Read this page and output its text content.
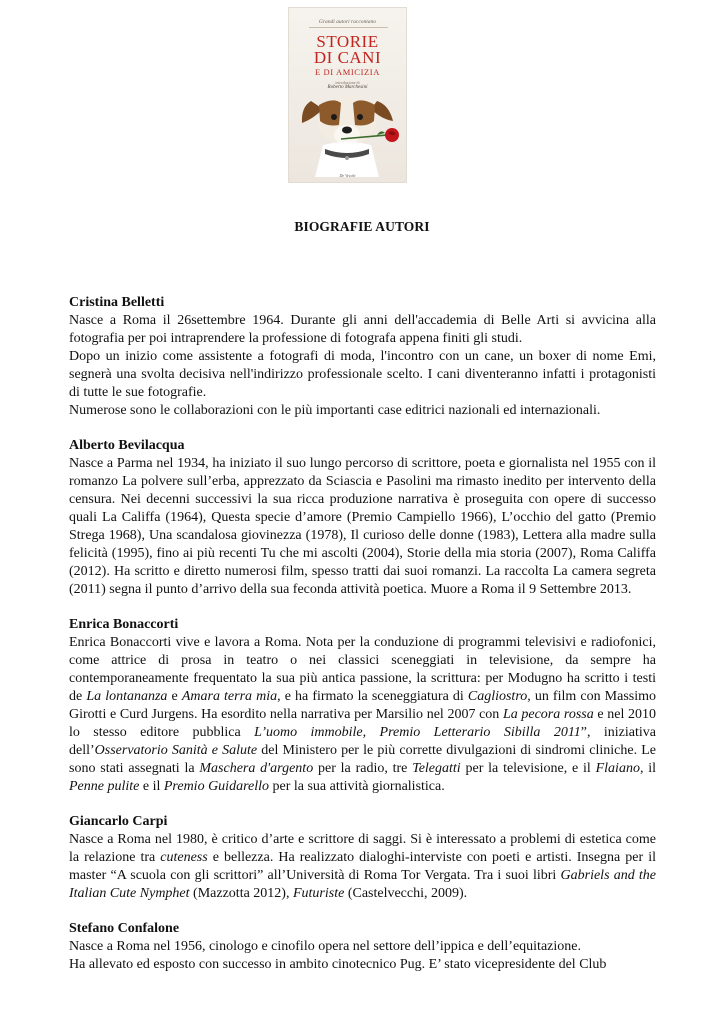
Grandi autori raccontano
STORIE
DI CANI
E DI AMICIZIA
introduzione di
Roberto Marchesini
De Vecchi
BIOGRAFIE AUTORI
Cristina Belletti

Nasce a Roma il 26settembre 1964. Durante gli anni dell'accademia di Belle Arti si avvicina alla fotografia per poi intraprendere la professione di fotografa appena finiti gli studi.

Dopo un inizio come assistente a fotografi di moda, l'incontro con un cane, un boxer di nome Emi, segnerà una svolta decisiva nell'indirizzo professionale scelto. I cani diventeranno infatti i protagonisti di tutte le sue fotografie.

Numerose sono le collaborazioni con le più importanti case editrici nazionali ed internazionali.

Alberto Bevilacqua

Nasce a Parma nel 1934, ha iniziato il suo lungo percorso di scrittore, poeta e giornalista nel 1955 con il romanzo La polvere sull’erba, apprezzato da Sciascia e Pasolini ma rimasto inedito per intervento della censura. Nei decenni successivi la sua ricca produzione narrativa è proseguita con opere di successo quali La Califfa (1964), Questa specie d’amore (Premio Campiello 1966), L’occhio del gatto (Premio Strega 1968), Una scandalosa giovinezza (1978), Il curioso delle donne (1983), Lettera alla madre sulla felicità (1995), fino ai più recenti Tu che mi ascolti (2004), Storie della mia storia (2007), Roma Califfa (2012). Ha scritto e diretto numerosi film, spesso tratti dai suoi romanzi. La raccolta La camera segreta (2011) segna il punto d’arrivo della sua feconda attività poetica. Muore a Roma il 9 Settembre 2013.

Enrica Bonaccorti

Enrica Bonaccorti vive e lavora a Roma. Nota per la conduzione di programmi televisivi e radiofonici, come attrice di prosa in teatro o nei classici sceneggiati in televisione, da sempre ha contemporaneamente frequentato la sua più antica passione, la scrittura: per Modugno ha scritto i testi de La lontananza e Amara terra mia, e ha firmato la sceneggiatura di Cagliostro, un film con Massimo Girotti e Curd Jurgens. Ha esordito nella narrativa per Marsilio nel 2007 con La pecora rossa e nel 2010 lo stesso editore pubblica L’uomo immobile, Premio Letterario Sibilla 2011”, iniziativa dell’Osservatorio Sanità e Salute del Ministero per le più corrette divulgazioni di sindromi cliniche. Le sono stati assegnati la Maschera d'argento per la radio, tre Telegatti per la televisione, e il Flaiano, il Penne pulite e il Premio Guidarello per la sua attività giornalistica.

Giancarlo Carpi

Nasce a Roma nel 1980, è critico d’arte e scrittore di saggi. Si è interessato a problemi di estetica come la relazione tra cuteness e bellezza. Ha realizzato dialoghi-interviste con poeti e artisti. Insegna per il master “A scuola con gli scrittori” all’Università di Roma Tor Vergata. Tra i suoi libri Gabriels and the Italian Cute Nymphet (Mazzotta 2012), Futuriste (Castelvecchi, 2009).

Stefano Confalone

Nasce a Roma nel 1956, cinologo e cinofilo opera nel settore dell’ippica e dell’equitazione.

Ha allevato ed esposto con successo in ambito cinotecnico Pug. E’ stato vicepresidente del Club
